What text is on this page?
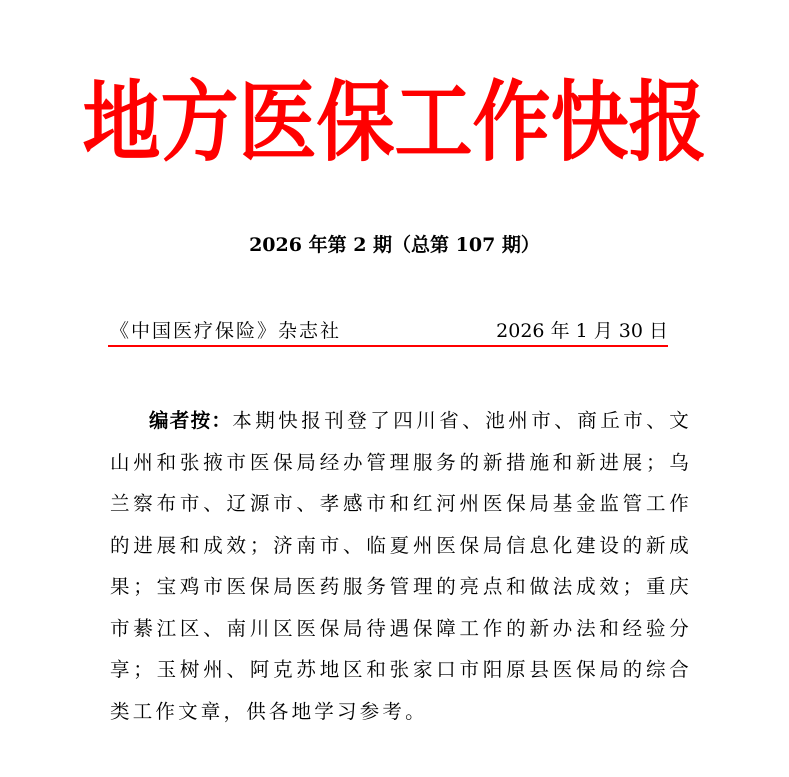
地方医保工作快报
2026 年第 2 期（总第 107 期）
《中国医疗保险》杂志社	2026 年 1 月 30 日
编者按：本期快报刊登了四川省、池州市、商丘市、文山州和张掖市医保局经办管理服务的新措施和新进展；乌兰察布市、辽源市、孝感市和红河州医保局基金监管工作的进展和成效；济南市、临夏州医保局信息化建设的新成果；宝鸡市医保局医药服务管理的亮点和做法成效；重庆市綦江区、南川区医保局待遇保障工作的新办法和经验分享；玉树州、阿克苏地区和张家口市阳原县医保局的综合类工作文章，供各地学习参考。
